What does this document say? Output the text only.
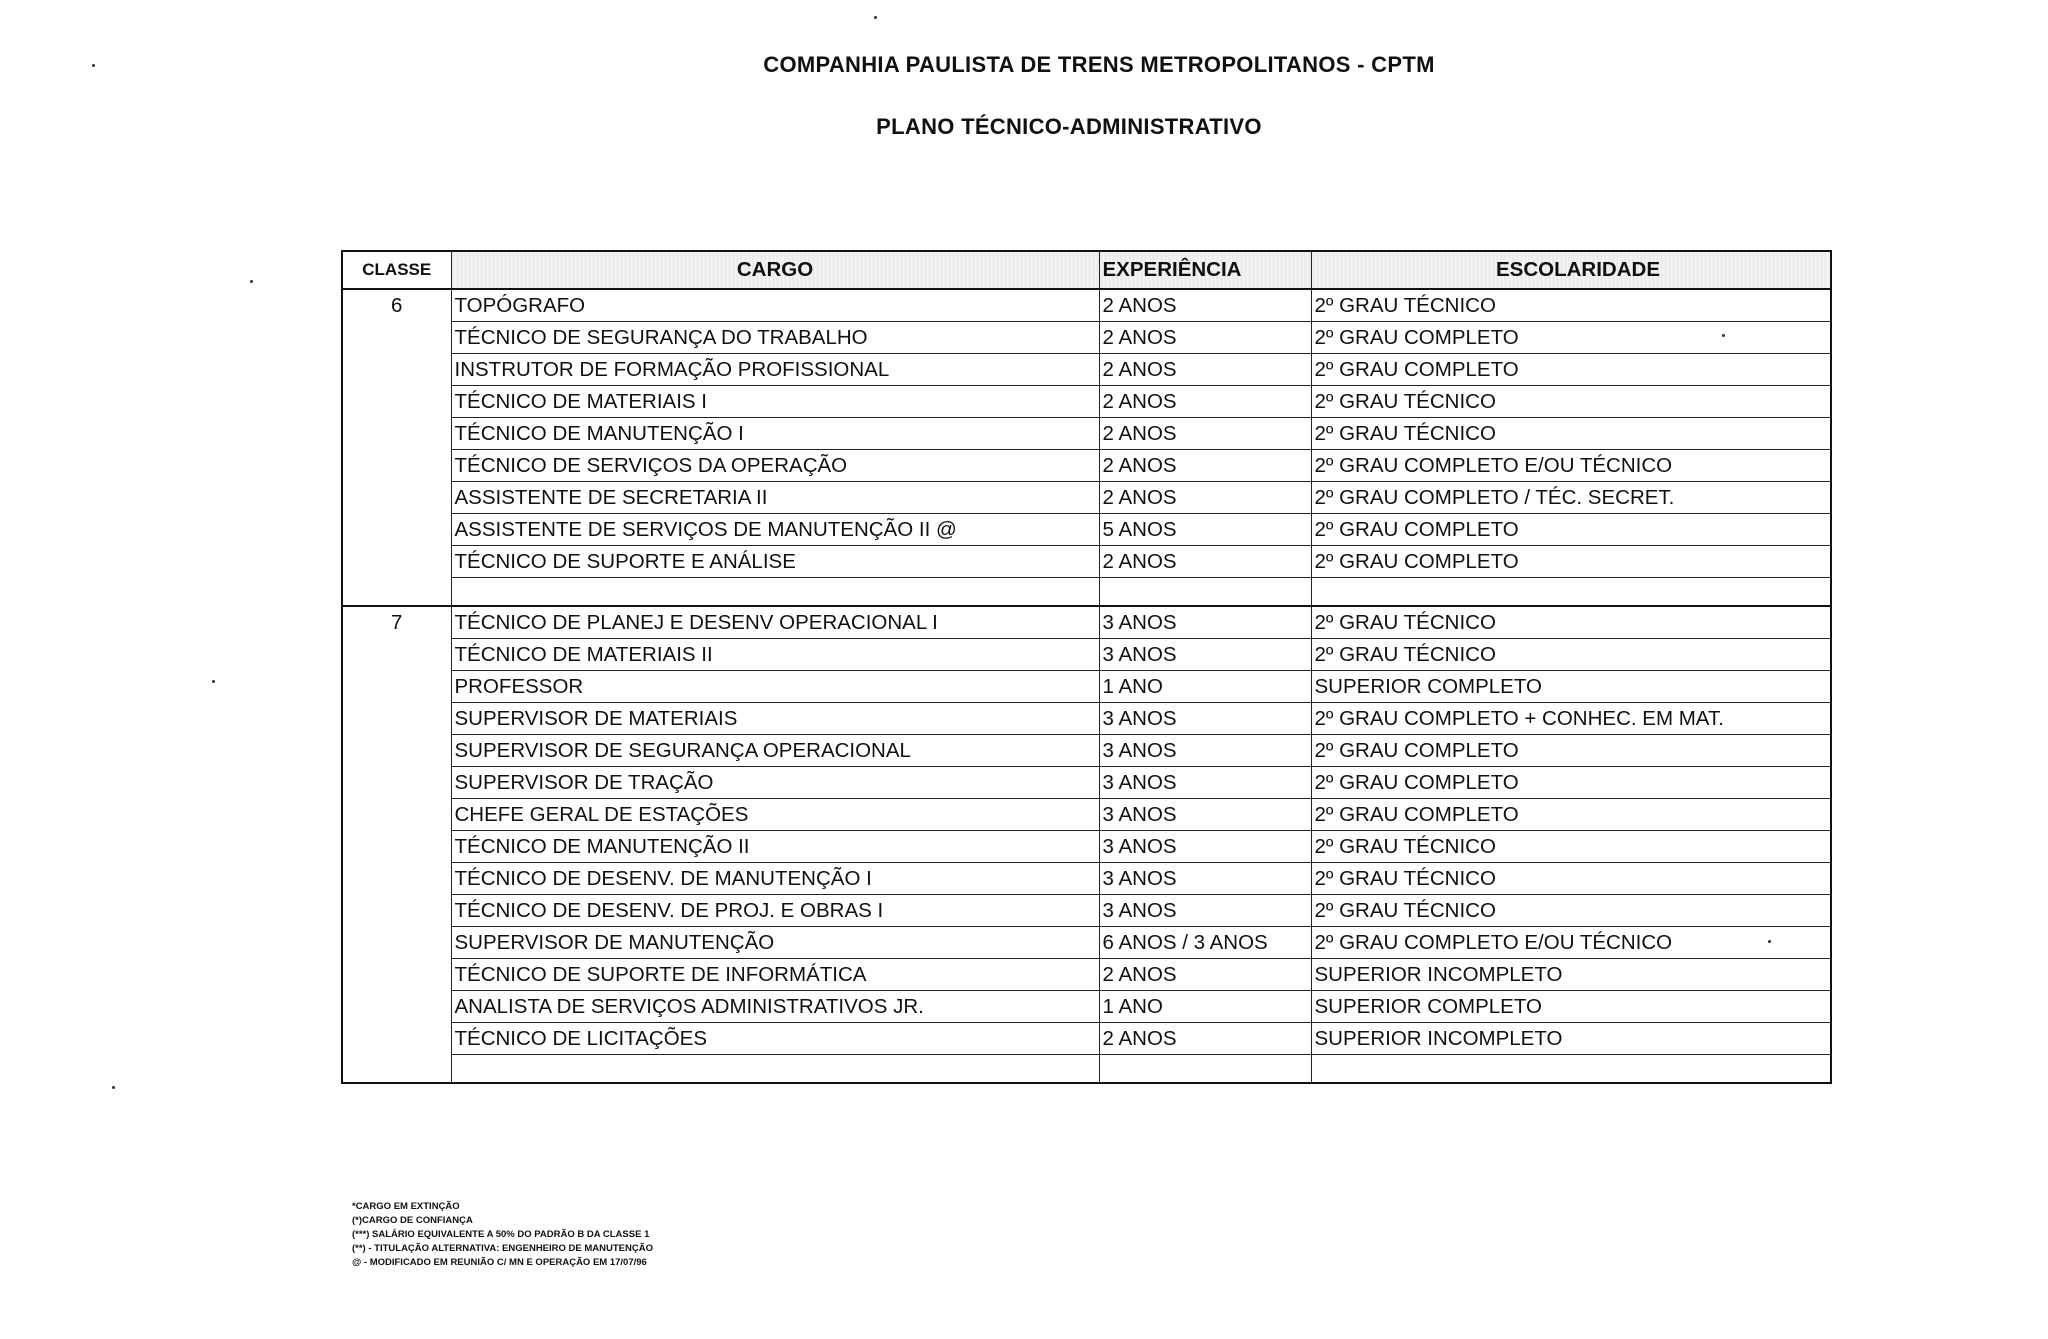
COMPANHIA PAULISTA DE TRENS METROPOLITANOS - CPTM
PLANO TÉCNICO-ADMINISTRATIVO
CLASSE	CARGO	EXPERIÊNCIA	ESCOLARIDADE
6	TOPÓGRAFO	2 ANOS	2º GRAU TÉCNICO
	TÉCNICO DE SEGURANÇA DO TRABALHO	2 ANOS	2º GRAU COMPLETO
	INSTRUTOR DE FORMAÇÃO PROFISSIONAL	2 ANOS	2º GRAU COMPLETO
	TÉCNICO DE MATERIAIS I	2 ANOS	2º GRAU TÉCNICO
	TÉCNICO DE MANUTENÇÃO I	2 ANOS	2º GRAU TÉCNICO
	TÉCNICO DE SERVIÇOS DA OPERAÇÃO	2 ANOS	2º GRAU COMPLETO E/OU TÉCNICO
	ASSISTENTE DE SECRETARIA II	2 ANOS	2º GRAU COMPLETO / TÉC. SECRET.
	ASSISTENTE DE SERVIÇOS DE MANUTENÇÃO II @	5 ANOS	2º GRAU COMPLETO
	TÉCNICO DE SUPORTE E ANÁLISE	2 ANOS	2º GRAU COMPLETO

7	TÉCNICO DE PLANEJ E DESENV OPERACIONAL I	3 ANOS	2º GRAU TÉCNICO
	TÉCNICO DE MATERIAIS II	3 ANOS	2º GRAU TÉCNICO
	PROFESSOR	1 ANO	SUPERIOR COMPLETO
	SUPERVISOR DE MATERIAIS	3 ANOS	2º GRAU COMPLETO + CONHEC. EM MAT.
	SUPERVISOR DE SEGURANÇA OPERACIONAL	3 ANOS	2º GRAU COMPLETO
	SUPERVISOR DE TRAÇÃO	3 ANOS	2º GRAU COMPLETO
	CHEFE GERAL DE ESTAÇÕES	3 ANOS	2º GRAU COMPLETO
	TÉCNICO DE MANUTENÇÃO II	3 ANOS	2º GRAU TÉCNICO
	TÉCNICO DE DESENV. DE MANUTENÇÃO I	3 ANOS	2º GRAU TÉCNICO
	TÉCNICO DE DESENV. DE PROJ. E OBRAS I	3 ANOS	2º GRAU TÉCNICO
	SUPERVISOR DE MANUTENÇÃO	6 ANOS / 3 ANOS	2º GRAU COMPLETO E/OU TÉCNICO
	TÉCNICO DE SUPORTE DE INFORMÁTICA	2 ANOS	SUPERIOR INCOMPLETO
	ANALISTA DE SERVIÇOS ADMINISTRATIVOS JR.	1 ANO	SUPERIOR COMPLETO
	TÉCNICO DE LICITAÇÕES	2 ANOS	SUPERIOR INCOMPLETO

*CARGO EM EXTINÇÃO
(*)CARGO DE CONFIANÇA
(***) SALÁRIO EQUIVALENTE A 50% DO PADRÃO B DA CLASSE 1
(**) - TITULAÇÃO ALTERNATIVA: ENGENHEIRO DE MANUTENÇÃO
@ - MODIFICADO EM REUNIÃO C/ MN E OPERAÇÃO EM 17/07/96
